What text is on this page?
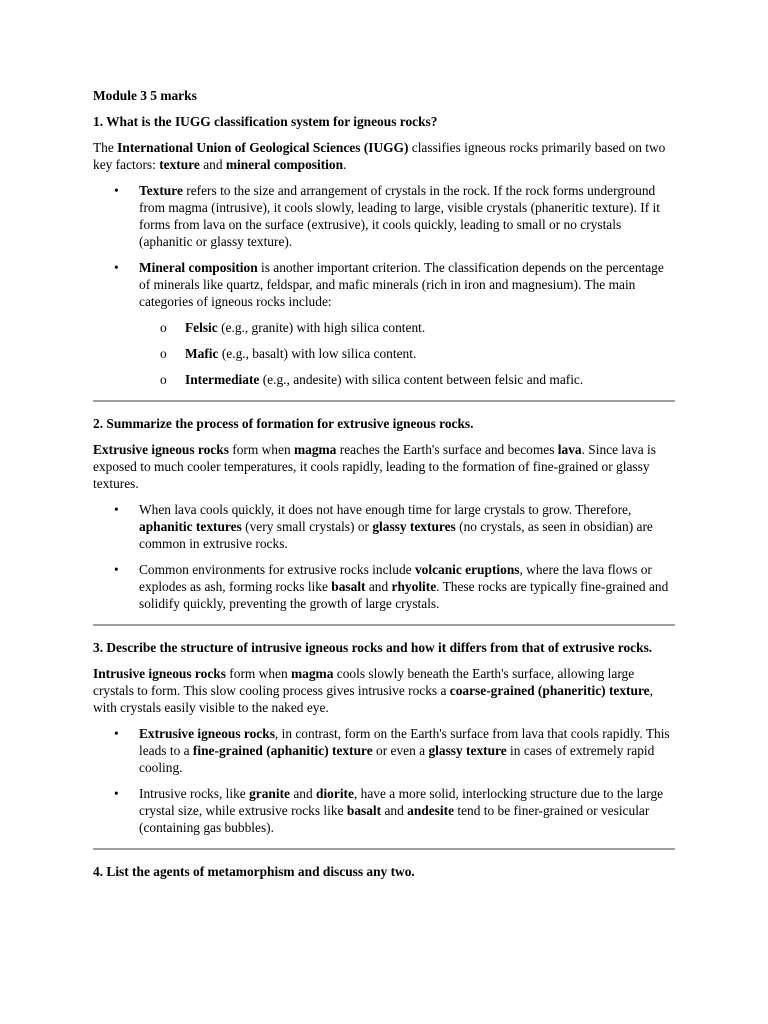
Module 3 5 marks
1. What is the IUGG classification system for igneous rocks?

The International Union of Geological Sciences (IUGG) classifies igneous rocks primarily based on two key factors: texture and mineral composition.

• Texture refers to the size and arrangement of crystals in the rock. If the rock forms underground from magma (intrusive), it cools slowly, leading to large, visible crystals (phaneritic texture). If it forms from lava on the surface (extrusive), it cools quickly, leading to small or no crystals (aphanitic or glassy texture).
• Mineral composition is another important criterion. The classification depends on the percentage of minerals like quartz, feldspar, and mafic minerals (rich in iron and magnesium). The main categories of igneous rocks include:
o Felsic (e.g., granite) with high silica content.
o Mafic (e.g., basalt) with low silica content.
o Intermediate (e.g., andesite) with silica content between felsic and mafic.
2. Summarize the process of formation for extrusive igneous rocks.

Extrusive igneous rocks form when magma reaches the Earth's surface and becomes lava. Since lava is exposed to much cooler temperatures, it cools rapidly, leading to the formation of fine-grained or glassy textures.

• When lava cools quickly, it does not have enough time for large crystals to grow. Therefore, aphanitic textures (very small crystals) or glassy textures (no crystals, as seen in obsidian) are common in extrusive rocks.
• Common environments for extrusive rocks include volcanic eruptions, where the lava flows or explodes as ash, forming rocks like basalt and rhyolite. These rocks are typically fine-grained and solidify quickly, preventing the growth of large crystals.
3. Describe the structure of intrusive igneous rocks and how it differs from that of extrusive rocks.

Intrusive igneous rocks form when magma cools slowly beneath the Earth's surface, allowing large crystals to form. This slow cooling process gives intrusive rocks a coarse-grained (phaneritic) texture, with crystals easily visible to the naked eye.

• Extrusive igneous rocks, in contrast, form on the Earth's surface from lava that cools rapidly. This leads to a fine-grained (aphanitic) texture or even a glassy texture in cases of extremely rapid cooling.
• Intrusive rocks, like granite and diorite, have a more solid, interlocking structure due to the large crystal size, while extrusive rocks like basalt and andesite tend to be finer-grained or vesicular (containing gas bubbles).
4. List the agents of metamorphism and discuss any two.
